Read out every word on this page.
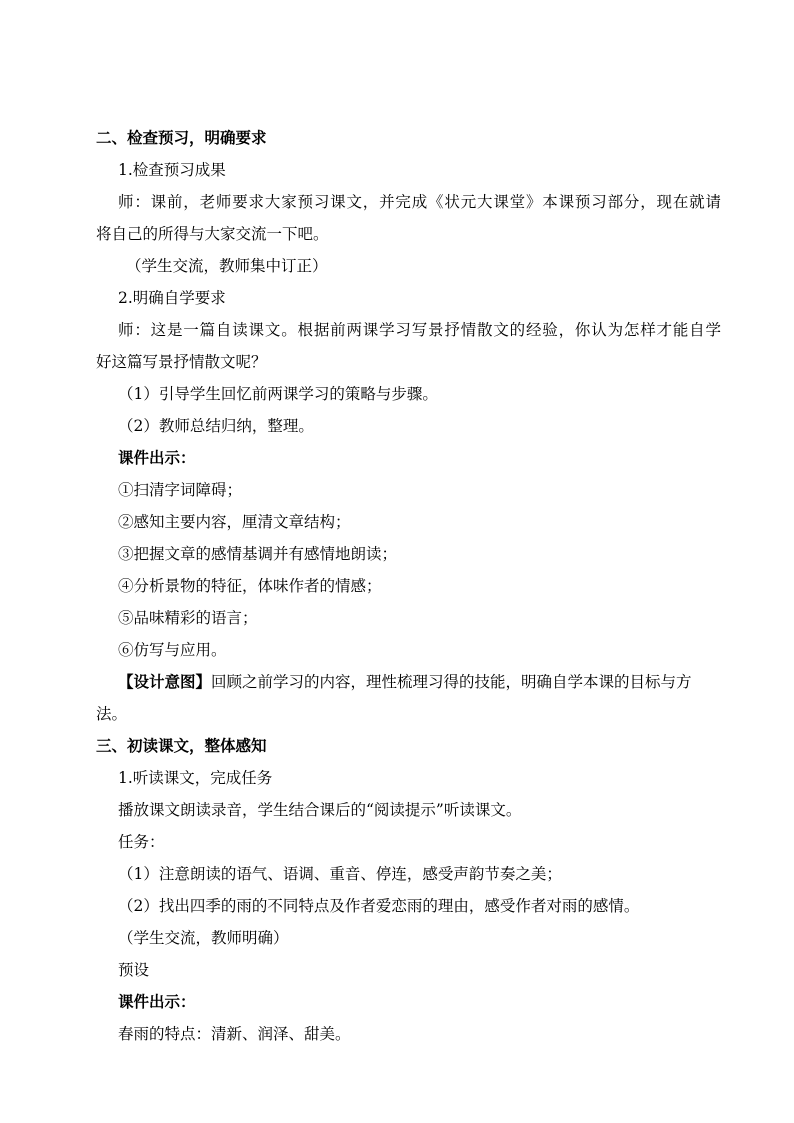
二、检查预习，明确要求
1.检查预习成果
师：课前，老师要求大家预习课文，并完成《状元大课堂》本课预习部分，现在就请
将自己的所得与大家交流一下吧。
（学生交流，教师集中订正）
2.明确自学要求
师：这是一篇自读课文。根据前两课学习写景抒情散文的经验，你认为怎样才能自学
好这篇写景抒情散文呢？
（1）引导学生回忆前两课学习的策略与步骤。
（2）教师总结归纳，整理。
课件出示：
①扫清字词障碍；
②感知主要内容，厘清文章结构；
③把握文章的感情基调并有感情地朗读；
④分析景物的特征，体味作者的情感；
⑤品味精彩的语言；
⑥仿写与应用。
【设计意图】回顾之前学习的内容，理性梳理习得的技能，明确自学本课的目标与方
法。
三、初读课文，整体感知
1.听读课文，完成任务
播放课文朗读录音，学生结合课后的“阅读提示”听读课文。
任务：
（1）注意朗读的语气、语调、重音、停连，感受声韵节奏之美；
（2）找出四季的雨的不同特点及作者爱恋雨的理由，感受作者对雨的感情。
（学生交流，教师明确）
预设
课件出示：
春雨的特点：清新、润泽、甜美。
